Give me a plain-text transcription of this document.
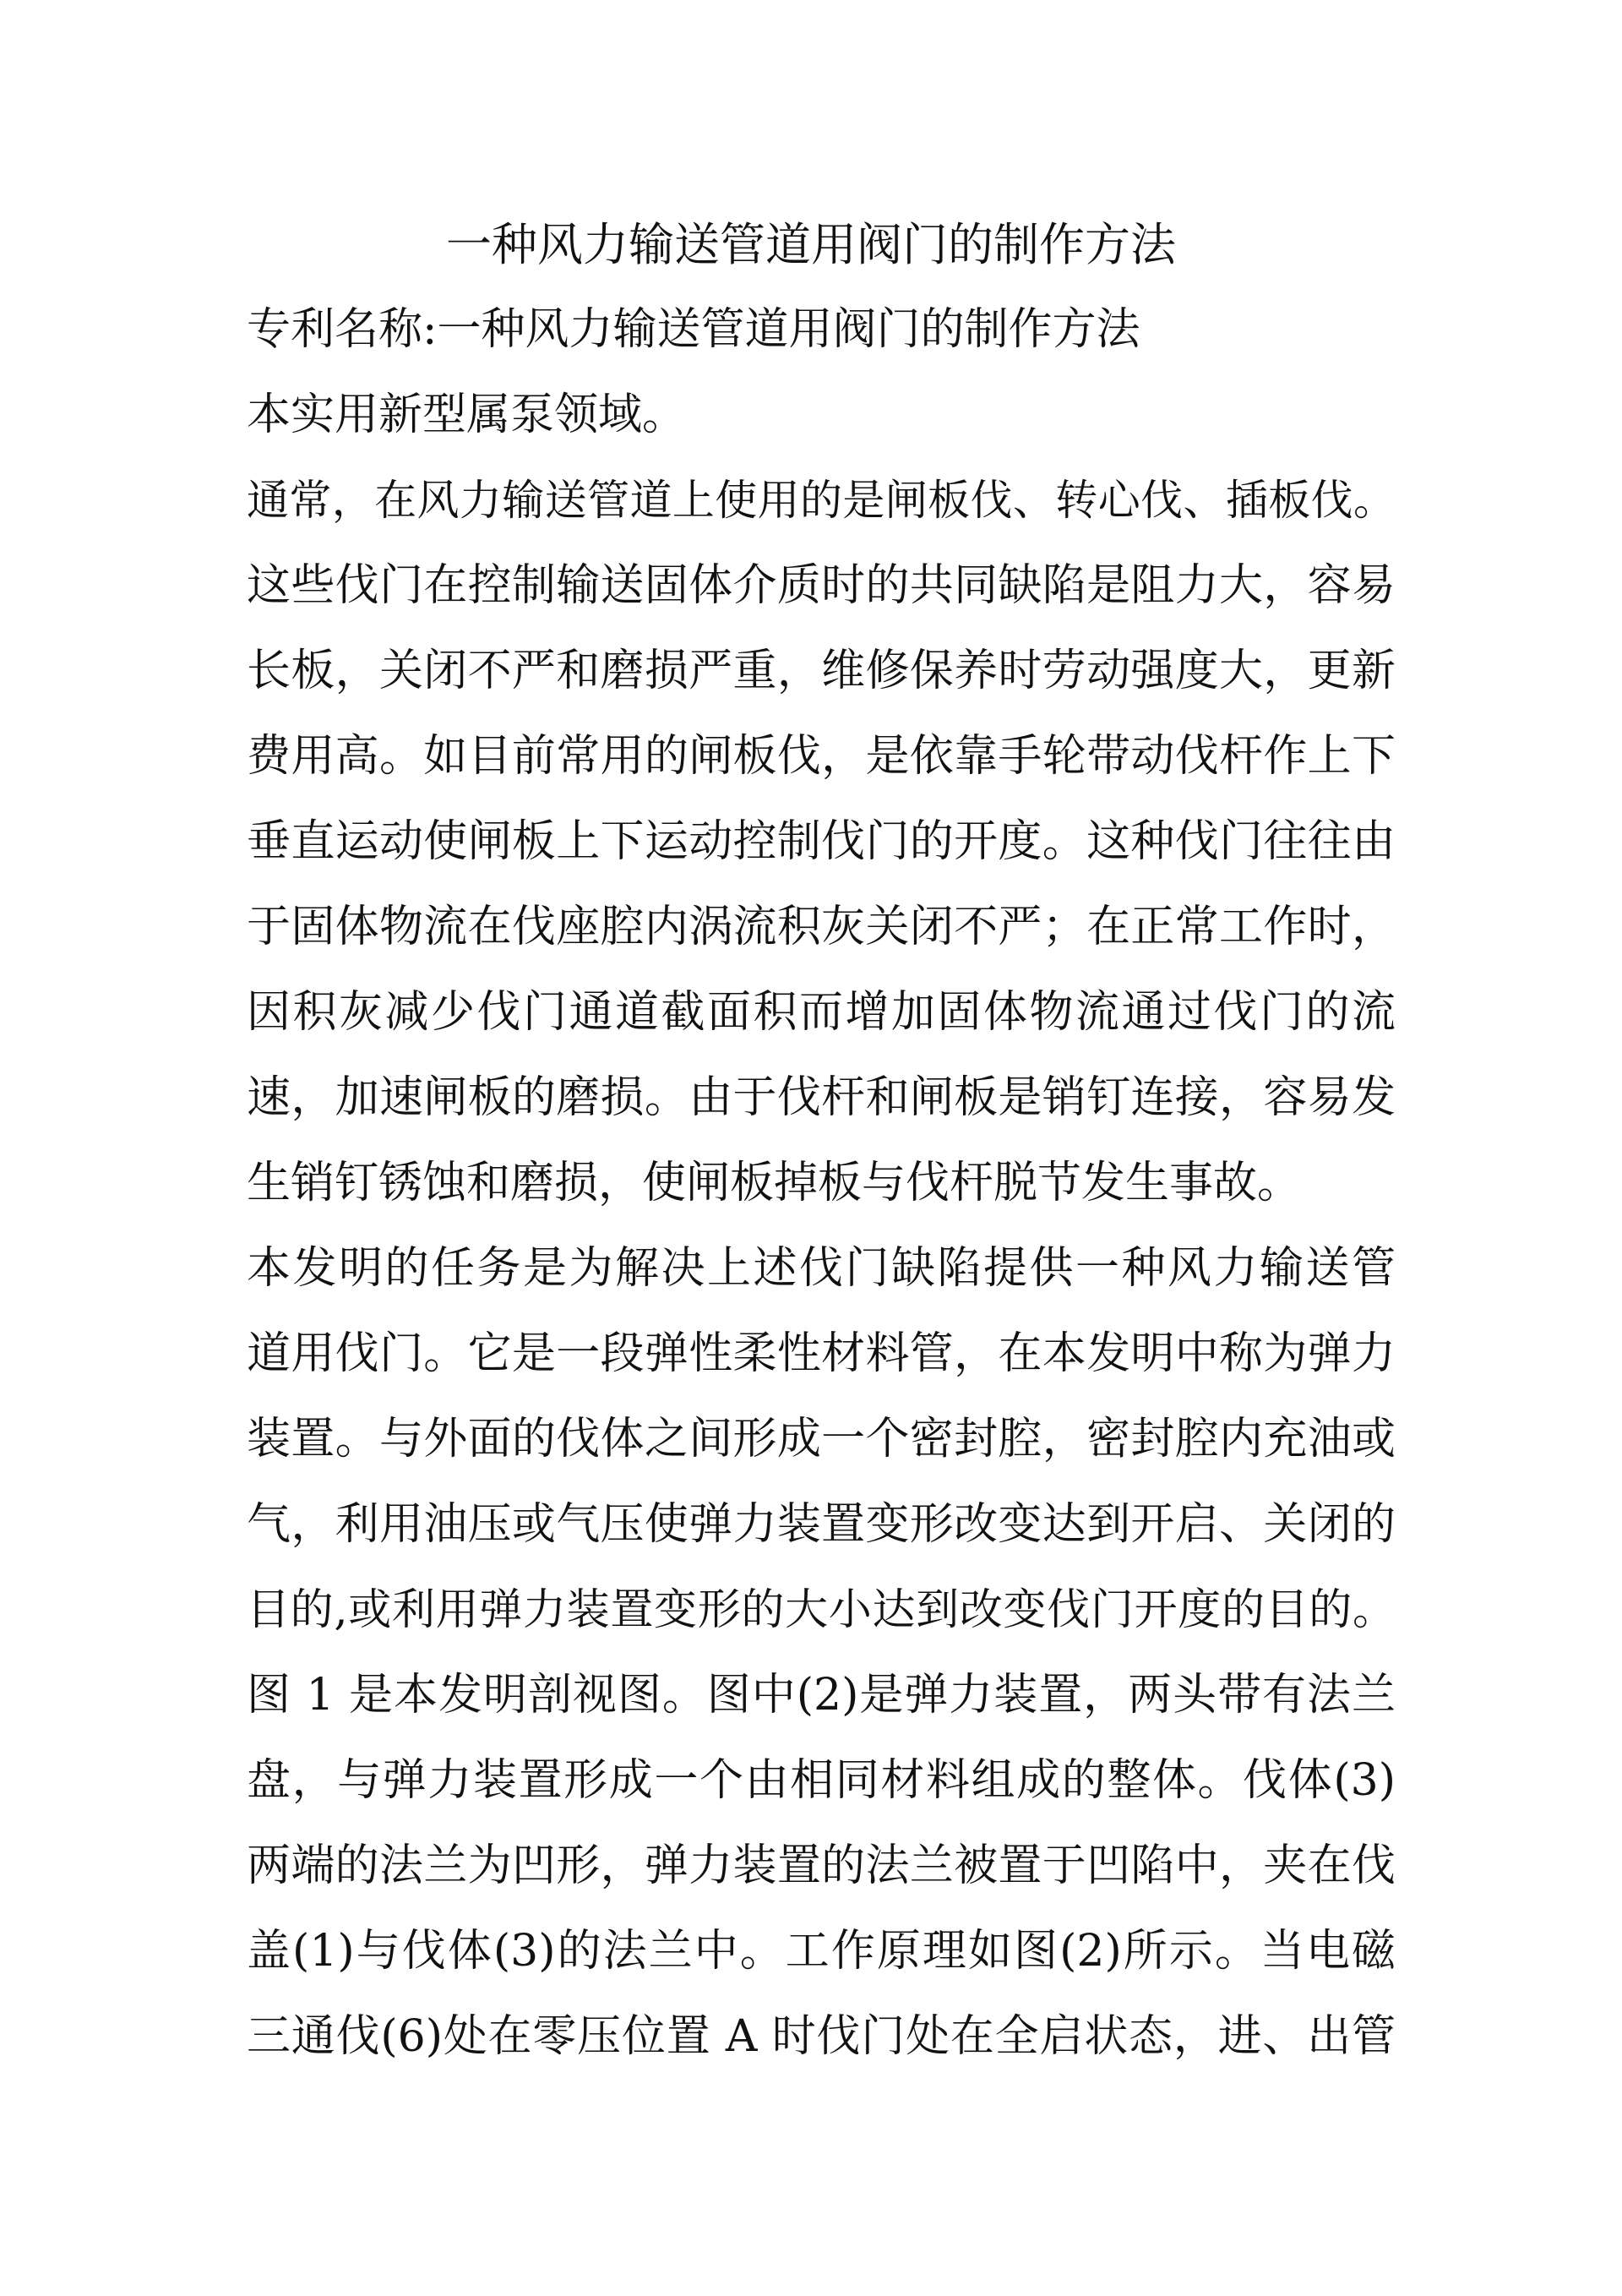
一种风力输送管道用阀门的制作方法
专利名称:一种风力输送管道用阀门的制作方法
本实用新型属泵领域。
通常，在风力输送管道上使用的是闸板伐、转心伐、插板伐。
这些伐门在控制输送固体介质时的共同缺陷是阻力大，容易
长板，关闭不严和磨损严重，维修保养时劳动强度大，更新
费用高。如目前常用的闸板伐，是依靠手轮带动伐杆作上下
垂直运动使闸板上下运动控制伐门的开度。这种伐门往往由
于固体物流在伐座腔内涡流积灰关闭不严；在正常工作时，
因积灰减少伐门通道截面积而增加固体物流通过伐门的流
速，加速闸板的磨损。由于伐杆和闸板是销钉连接，容易发
生销钉锈蚀和磨损，使闸板掉板与伐杆脱节发生事故。
本发明的任务是为解决上述伐门缺陷提供一种风力输送管
道用伐门。它是一段弹性柔性材料管，在本发明中称为弹力
装置。与外面的伐体之间形成一个密封腔，密封腔内充油或
气，利用油压或气压使弹力装置变形改变达到开启、关闭的
目的,或利用弹力装置变形的大小达到改变伐门开度的目的。
图 1 是本发明剖视图。图中(2)是弹力装置，两头带有法兰
盘，与弹力装置形成一个由相同材料组成的整体。伐体(3)
两端的法兰为凹形，弹力装置的法兰被置于凹陷中，夹在伐
盖(1)与伐体(3)的法兰中。工作原理如图(2)所示。当电磁
三通伐(6)处在零压位置 A 时伐门处在全启状态，进、出管
